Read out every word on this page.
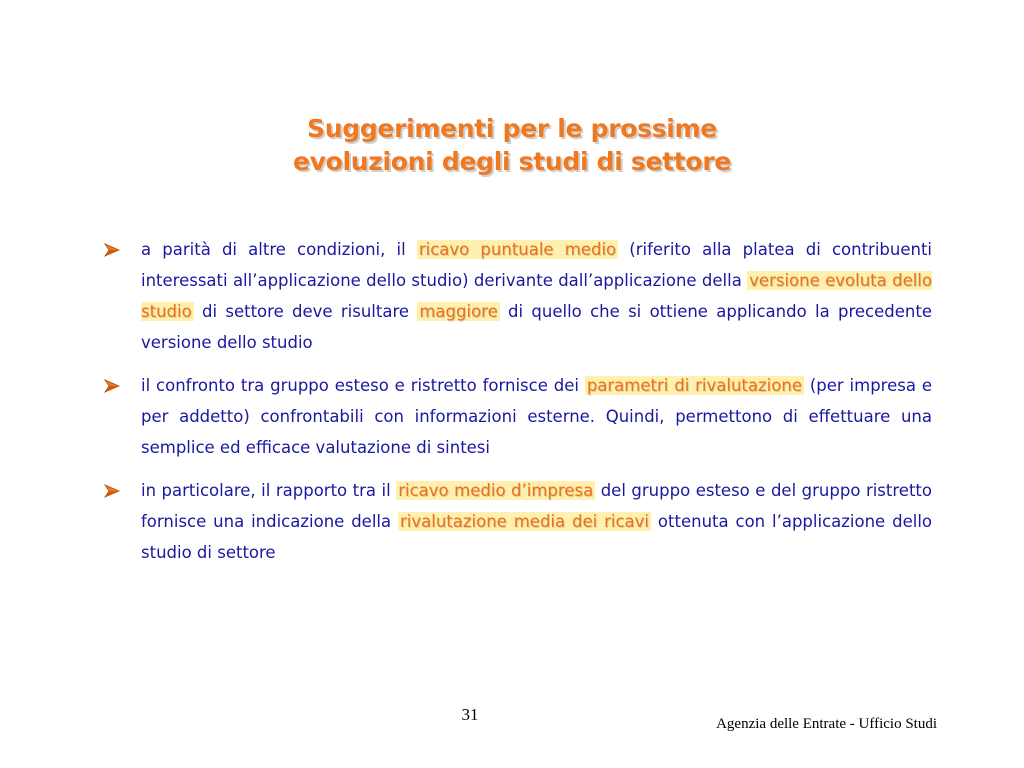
Suggerimenti per le prossime
evoluzioni degli studi di settore
a parità di altre condizioni, il ricavo puntuale medio (riferito alla platea di contribuenti interessati all’applicazione dello studio) derivante dall’applicazione della versione evoluta dello studio di settore deve risultare maggiore di quello che si ottiene applicando la precedente versione dello studio
il confronto tra gruppo esteso e ristretto fornisce dei parametri di rivalutazione (per impresa e per addetto) confrontabili con informazioni esterne. Quindi, permettono di effettuare una semplice ed efficace valutazione di sintesi
in particolare, il rapporto tra il ricavo medio d’impresa del gruppo esteso e del gruppo ristretto fornisce una indicazione della rivalutazione media dei ricavi ottenuta con l’applicazione dello studio di settore
31	Agenzia delle Entrate - Ufficio Studi
